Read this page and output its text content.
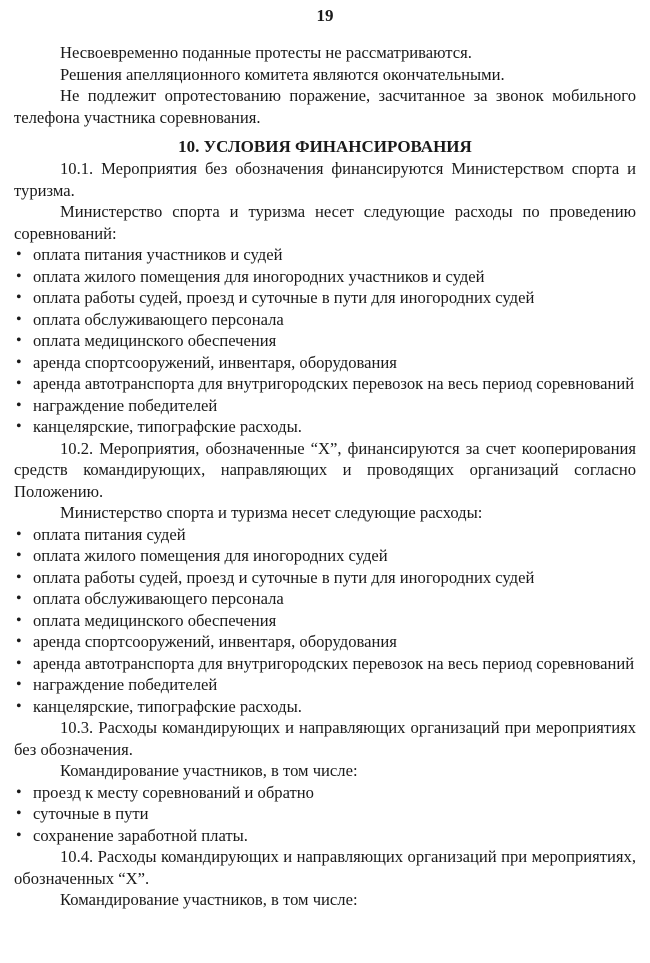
19

Несвоевременно поданные протесты не рассматриваются.

Решения апелляционного комитета являются окончательными.

Не подлежит опротестованию поражение, засчитанное за звонок мобильного телефона участника соревнования.

10. УСЛОВИЯ ФИНАНСИРОВАНИЯ

10.1. Мероприятия без обозначения финансируются Министерством спорта и туризма.

Министерство спорта и туризма несет следующие расходы по проведению соревнований:

• оплата питания участников и судей
• оплата жилого помещения для иногородних участников и судей
• оплата работы судей, проезд и суточные в пути для иногородних судей
• оплата обслуживающего персонала
• оплата медицинского обеспечения
• аренда спортсооружений, инвентаря, оборудования
• аренда автотранспорта для внутригородских перевозок на весь период соревнований
• награждение победителей
• канцелярские, типографские расходы.

10.2. Мероприятия, обозначенные “Х”, финансируются за счет кооперирования средств командирующих, направляющих и проводящих организаций согласно Положению.

Министерство спорта и туризма несет следующие расходы:

• оплата питания судей
• оплата жилого помещения для иногородних судей
• оплата работы судей, проезд и суточные в пути для иногородних судей
• оплата обслуживающего персонала
• оплата медицинского обеспечения
• аренда спортсооружений, инвентаря, оборудования
• аренда автотранспорта для внутригородских перевозок на весь период соревнований
• награждение победителей
• канцелярские, типографские расходы.

10.3. Расходы командирующих и направляющих организаций при мероприятиях без обозначения.

Командирование участников, в том числе:

• проезд к месту соревнований и обратно
• суточные в пути
• сохранение заработной платы.

10.4. Расходы командирующих и направляющих организаций при мероприятиях, обозначенных “Х”.

Командирование участников, в том числе:
